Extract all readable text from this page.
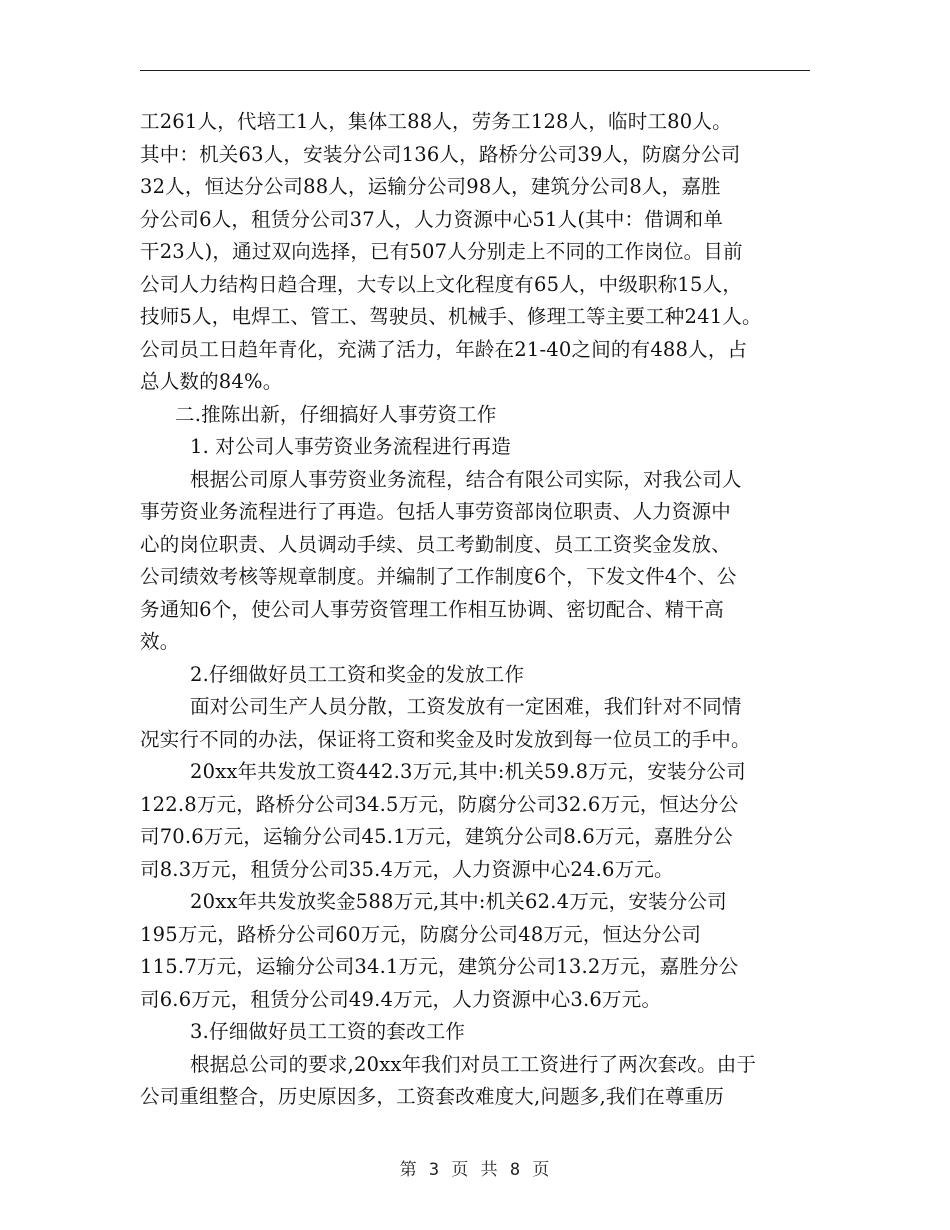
工261人，代培工1人，集体工88人，劳务工128人，临时工80人。
其中：机关63人，安装分公司136人，路桥分公司39人，防腐分公司
32人，恒达分公司88人，运输分公司98人，建筑分公司8人，嘉胜
分公司6人，租赁分公司37人，人力资源中心51人(其中：借调和单
干23人)，通过双向选择，已有507人分别走上不同的工作岗位。目前
公司人力结构日趋合理，大专以上文化程度有65人，中级职称15人，
技师5人，电焊工、管工、驾驶员、机械手、修理工等主要工种241人。
公司员工日趋年青化，充满了活力，年龄在21-40之间的有488人，占
总人数的84%。
二.推陈出新，仔细搞好人事劳资工作
1. 对公司人事劳资业务流程进行再造
根据公司原人事劳资业务流程，结合有限公司实际，对我公司人
事劳资业务流程进行了再造。包括人事劳资部岗位职责、人力资源中
心的岗位职责、人员调动手续、员工考勤制度、员工工资奖金发放、
公司绩效考核等规章制度。并编制了工作制度6个，下发文件4个、公
务通知6个，使公司人事劳资管理工作相互协调、密切配合、精干高
效。
2.仔细做好员工工资和奖金的发放工作
面对公司生产人员分散，工资发放有一定困难，我们针对不同情
况实行不同的办法，保证将工资和奖金及时发放到每一位员工的手中。
20xx年共发放工资442.3万元,其中:机关59.8万元，安装分公司
122.8万元，路桥分公司34.5万元，防腐分公司32.6万元，恒达分公
司70.6万元，运输分公司45.1万元，建筑分公司8.6万元，嘉胜分公
司8.3万元，租赁分公司35.4万元，人力资源中心24.6万元。
20xx年共发放奖金588万元,其中:机关62.4万元，安装分公司
195万元，路桥分公司60万元，防腐分公司48万元，恒达分公司
115.7万元，运输分公司34.1万元，建筑分公司13.2万元，嘉胜分公
司6.6万元，租赁分公司49.4万元，人力资源中心3.6万元。
3.仔细做好员工工资的套改工作
根据总公司的要求,20xx年我们对员工工资进行了两次套改。由于
公司重组整合，历史原因多，工资套改难度大,问题多,我们在尊重历
第 3 页 共 8 页
